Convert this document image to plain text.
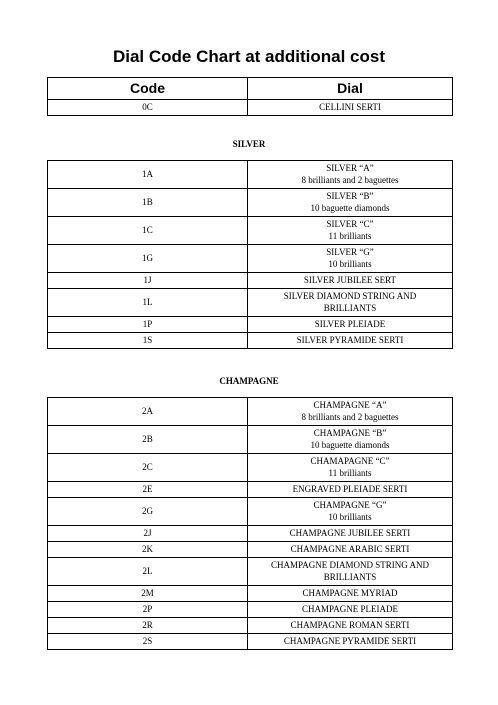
Dial Code Chart at additional cost
Code	Dial
0C	CELLINI SERTI
SILVER
1A	SILVER “A”
8 brilliants and 2 baguettes

1B	SILVER “B”
10 baguette diamonds

1C	SILVER “C”
11 brilliants

1G	SILVER “G”
10 brilliants

1J	SILVER JUBILEE SERT

1L	SILVER DIAMOND STRING AND
BRILLIANTS

1P	SILVER PLEIADE

1S	SILVER PYRAMIDE SERTI
CHAMPAGNE
2A	CHAMPAGNE “A”
8 brilliants and 2 baguettes

2B	CHAMPAGNE “B”
10 baguette diamonds

2C	CHAMAPAGNE “C”
11 brilliants

2E	ENGRAVED PLEIADE SERTI

2G	CHAMPAGNE “G”
10 brilliants

2J	CHAMPAGNE JUBILEE SERTI

2K	CHAMPAGNE ARABIC SERTI

2L	CHAMPAGNE DIAMOND STRING AND
BRILLIANTS

2M	CHAMPAGNE MYRIAD

2P	CHAMPAGNE PLEIADE

2R	CHAMPAGNE ROMAN SERTI

2S	CHAMPAGNE PYRAMIDE SERTI
